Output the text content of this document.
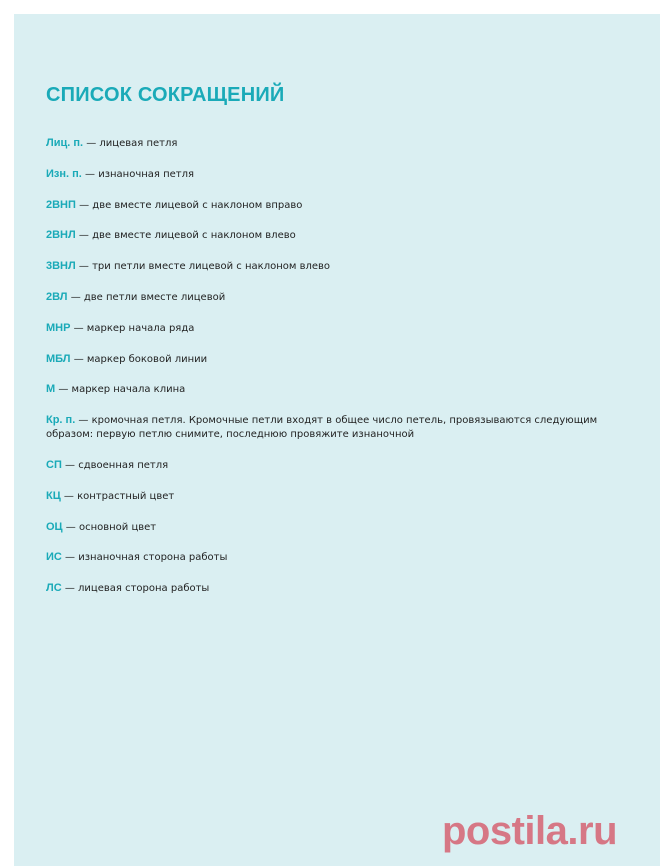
СПИСОК СОКРАЩЕНИЙ

Лиц. п. — лицевая петля

Изн. п. — изнаночная петля

2ВНП — две вместе лицевой с наклоном вправо

2ВНЛ — две вместе лицевой с наклоном влево

3ВНЛ — три петли вместе лицевой с наклоном влево

2ВЛ — две петли вместе лицевой

МНР — маркер начала ряда

МБЛ — маркер боковой линии

М — маркер начала клина

Кр. п. — кромочная петля. Кромочные петли входят в общее число петель, провязываются следующим образом: первую петлю снимите, последнюю провяжите изнаночной

СП — сдвоенная петля

КЦ — контрастный цвет

ОЦ — основной цвет

ИС — изнаночная сторона работы

ЛС — лицевая сторона работы

postila.ru
